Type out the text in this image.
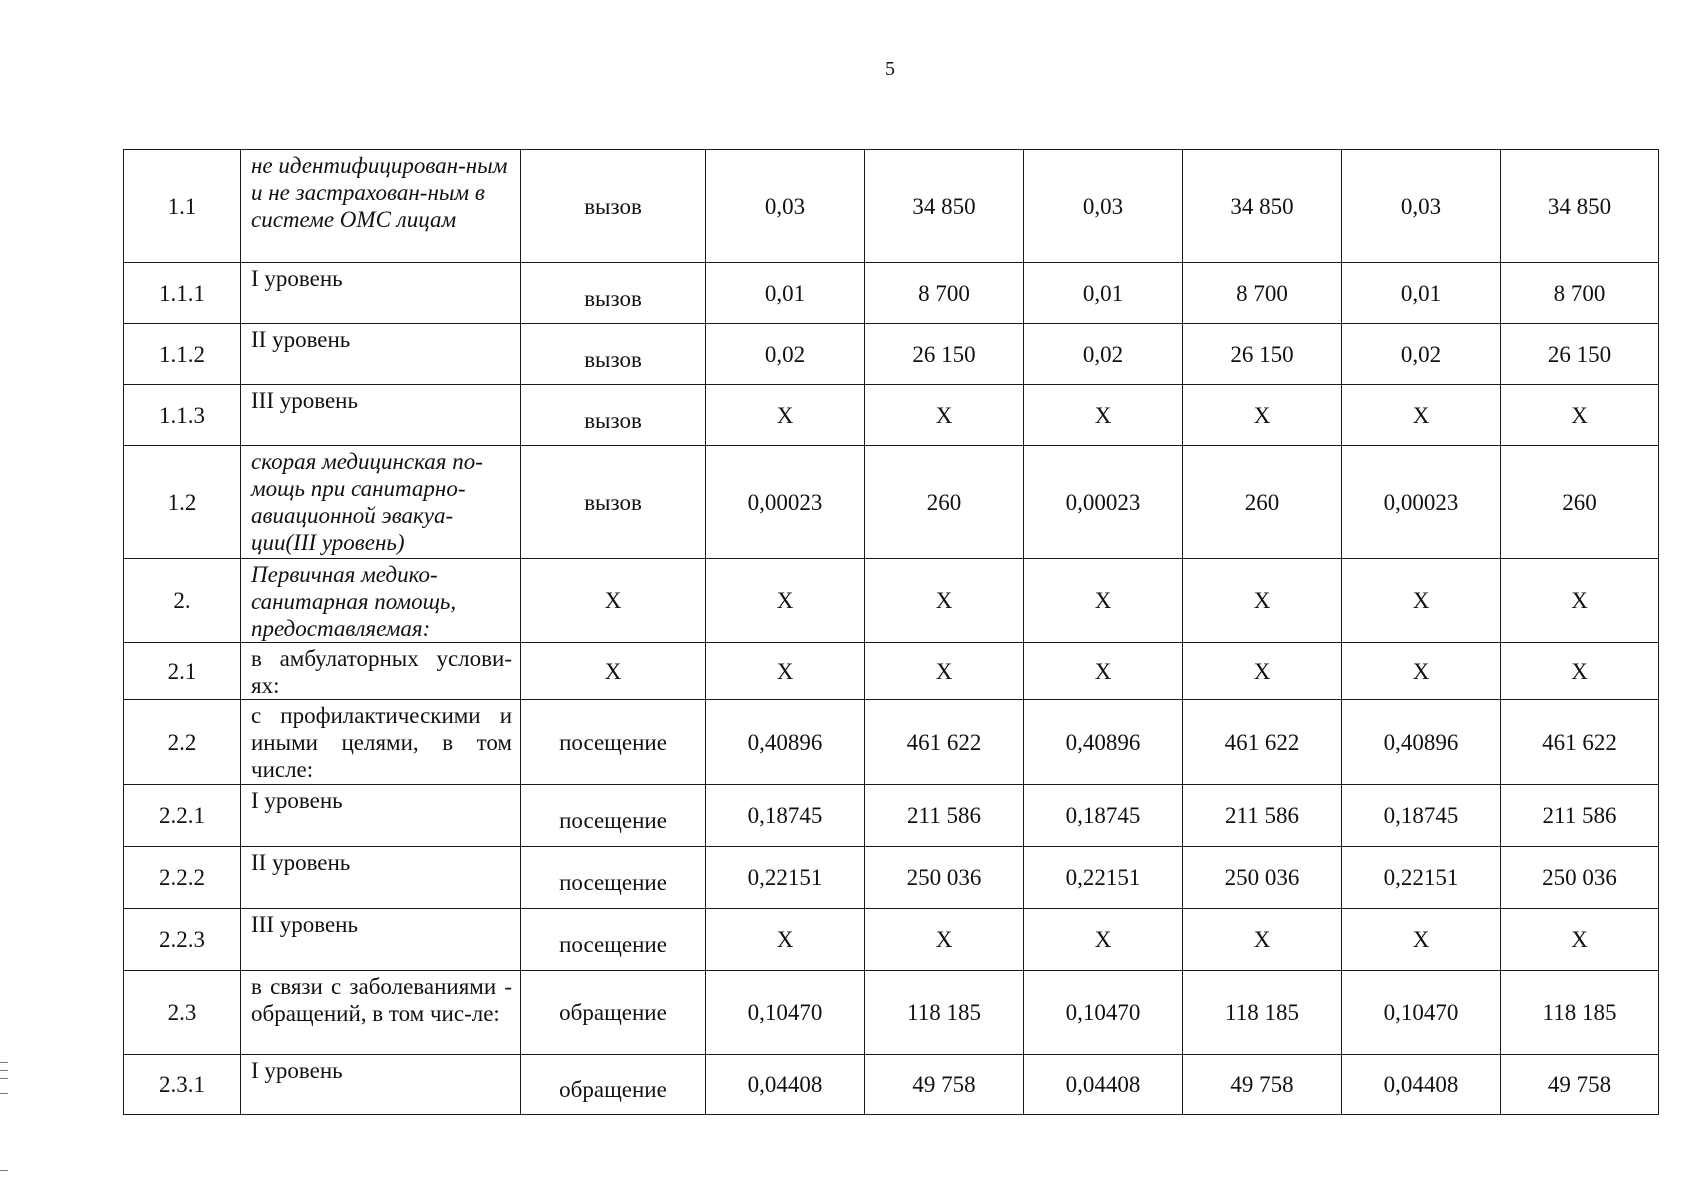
5
1.1	не идентифицирован-ным и не застрахован-ным в системе ОМС лицам	вызов	0,03	34 850	0,03	34 850	0,03	34 850
1.1.1	I уровень	вызов	0,01	8 700	0,01	8 700	0,01	8 700
1.1.2	II уровень	вызов	0,02	26 150	0,02	26 150	0,02	26 150
1.1.3	III уровень	вызов	X	X	X	X	X	X
1.2	скорая медицинская по-мощь при санитарно-авиационной эвакуа-ции(III уровень)	вызов	0,00023	260	0,00023	260	0,00023	260
2.	Первичная медико-санитарная помощь, предоставляемая:	X	X	X	X	X	X	X
2.1	в амбулаторных услови-ях:	X	X	X	X	X	X	X
2.2	с профилактическими и иными целями, в том числе:	посещение	0,40896	461 622	0,40896	461 622	0,40896	461 622
2.2.1	I уровень	посещение	0,18745	211 586	0,18745	211 586	0,18745	211 586
2.2.2	II уровень	посещение	0,22151	250 036	0,22151	250 036	0,22151	250 036
2.2.3	III уровень	посещение	X	X	X	X	X	X
2.3	в связи с заболеваниями - обращений, в том чис-ле:	обращение	0,10470	118 185	0,10470	118 185	0,10470	118 185
2.3.1	I уровень	обращение	0,04408	49 758	0,04408	49 758	0,04408	49 758
